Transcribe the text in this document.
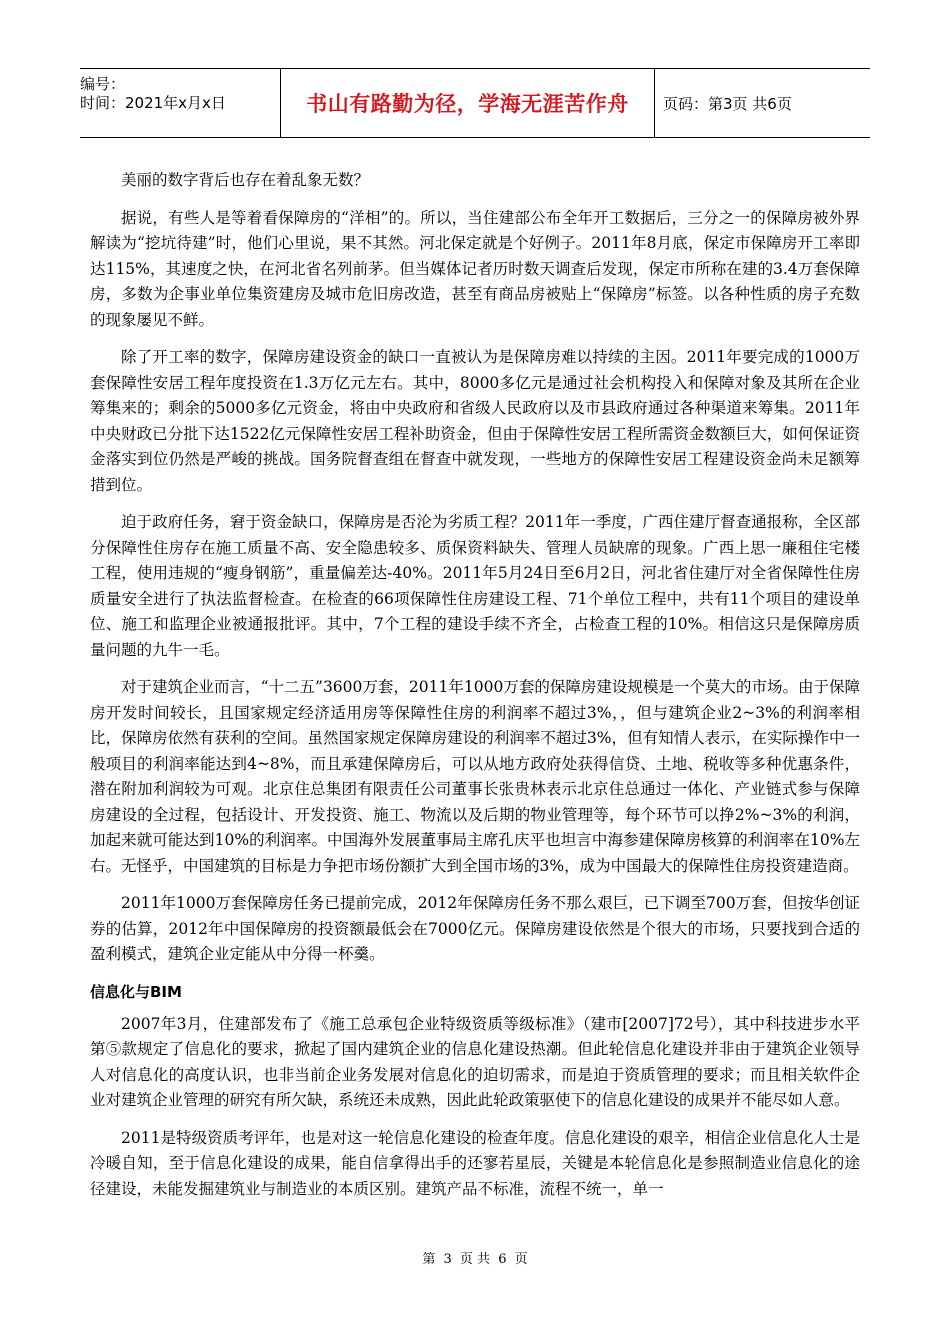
编号：
时间：2021年x月x日	书山有路勤为径，学海无涯苦作舟 页码：第3页 共6页

美丽的数字背后也存在着乱象无数？

据说，有些人是等着看保障房的“洋相”的。所以，当住建部公布全年开工数据后，三分之一的保障房被外界解读为“挖坑待建”时，他们心里说，果不其然。河北保定就是个好例子。2011年8月底，保定市保障房开工率即达115%，其速度之快，在河北省名列前茅。但当媒体记者历时数天调查后发现，保定市所称在建的3.4万套保障房，多数为企事业单位集资建房及城市危旧房改造，甚至有商品房被贴上“保障房”标签。以各种性质的房子充数的现象屡见不鲜。

除了开工率的数字，保障房建设资金的缺口一直被认为是保障房难以持续的主因。2011年要完成的1000万套保障性安居工程年度投资在1.3万亿元左右。其中，8000多亿元是通过社会机构投入和保障对象及其所在企业筹集来的；剩余的5000多亿元资金，将由中央政府和省级人民政府以及市县政府通过各种渠道来筹集。2011年中央财政已分批下达1522亿元保障性安居工程补助资金，但由于保障性安居工程所需资金数额巨大，如何保证资金落实到位仍然是严峻的挑战。国务院督查组在督查中就发现，一些地方的保障性安居工程建设资金尚未足额筹措到位。

迫于政府任务，窘于资金缺口，保障房是否沦为劣质工程？2011年一季度，广西住建厅督查通报称，全区部分保障性住房存在施工质量不高、安全隐患较多、质保资料缺失、管理人员缺席的现象。广西上思一廉租住宅楼工程，使用违规的“瘦身钢筋”，重量偏差达-40%。2011年5月24日至6月2日，河北省住建厅对全省保障性住房质量安全进行了执法监督检查。在检查的66项保障性住房建设工程、71个单位工程中，共有11个项目的建设单位、施工和监理企业被通报批评。其中，7个工程的建设手续不齐全，占检查工程的10%。相信这只是保障房质量问题的九牛一毛。

对于建筑企业而言，“十二五”3600万套，2011年1000万套的保障房建设规模是一个莫大的市场。由于保障房开发时间较长，且国家规定经济适用房等保障性住房的利润率不超过3%，，但与建筑企业2~3%的利润率相比，保障房依然有获利的空间。虽然国家规定保障房建设的利润率不超过3%，但有知情人表示，在实际操作中一般项目的利润率能达到4~8%，而且承建保障房后，可以从地方政府处获得信贷、土地、税收等多种优惠条件，潜在附加利润较为可观。北京住总集团有限责任公司董事长张贵林表示北京住总通过一体化、产业链式参与保障房建设的全过程，包括设计、开发投资、施工、物流以及后期的物业管理等，每个环节可以挣2%~3%的利润，加起来就可能达到10%的利润率。中国海外发展董事局主席孔庆平也坦言中海参建保障房核算的利润率在10%左右。无怪乎，中国建筑的目标是力争把市场份额扩大到全国市场的3%，成为中国最大的保障性住房投资建造商。

2011年1000万套保障房任务已提前完成，2012年保障房任务不那么艰巨，已下调至700万套，但按华创证券的估算，2012年中国保障房的投资额最低会在7000亿元。保障房建设依然是个很大的市场，只要找到合适的盈利模式，建筑企业定能从中分得一杯羹。

信息化与BIM

2007年3月，住建部发布了《施工总承包企业特级资质等级标准》（建市[2007]72号），其中科技进步水平第⑤款规定了信息化的要求，掀起了国内建筑企业的信息化建设热潮。但此轮信息化建设并非由于建筑企业领导人对信息化的高度认识，也非当前企业务发展对信息化的迫切需求，而是迫于资质管理的要求；而且相关软件企业对建筑企业管理的研究有所欠缺，系统还未成熟，因此此轮政策驱使下的信息化建设的成果并不能尽如人意。

2011是特级资质考评年，也是对这一轮信息化建设的检查年度。信息化建设的艰辛，相信企业信息化人士是冷暖自知，至于信息化建设的成果，能自信拿得出手的还寥若星辰，关键是本轮信息化是参照制造业信息化的途径建设，未能发掘建筑业与制造业的本质区别。建筑产品不标准，流程不统一，单一

第 3 页 共 6 页
